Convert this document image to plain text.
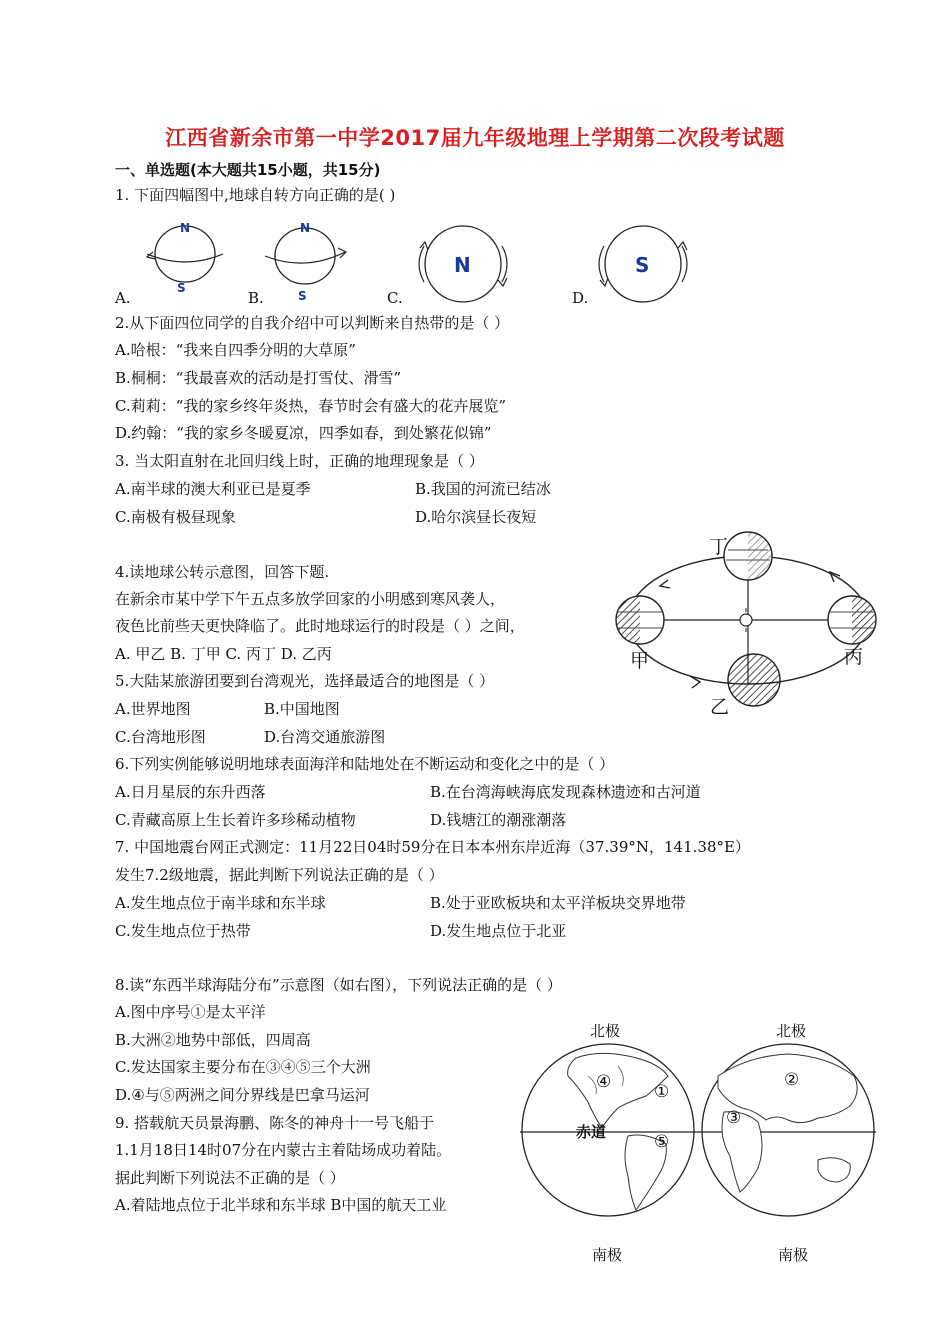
江西省新余市第一中学2017届九年级地理上学期第二次段考试题
一、单选题(本大题共15小题，共15分)
1. 下面四幅图中,地球自转方向正确的是( )
N
S
N
S
N	S
A.	B.	C.	D.
2.从下面四位同学的自我介绍中可以判断来自热带的是（ ）
A.哈根：“我来自四季分明的大草原”
B.桐桐：“我最喜欢的活动是打雪仗、滑雪”
C.莉莉：“我的家乡终年炎热，春节时会有盛大的花卉展览”
D.约翰：“我的家乡冬暖夏凉，四季如春，到处繁花似锦”
3. 当太阳直射在北回归线上时，正确的地理现象是（ ）
A.南半球的澳大利亚已是夏季	B.我国的河流已结冰
C.南极有极昼现象	D.哈尔滨昼长夜短
4.读地球公转示意图，回答下题.
在新余市某中学下午五点多放学回家的小明感到寒风袭人，
夜色比前些天更快降临了。此时地球运行的时段是（ ）之间，
A. 甲乙 B. 丁甲 C. 丙丁 D. 乙丙
丁
甲	丙
乙
5.大陆某旅游团要到台湾观光，选择最适合的地图是（ ）
A.世界地图	B.中国地图
C.台湾地形图	D.台湾交通旅游图
6.下列实例能够说明地球表面海洋和陆地处在不断运动和变化之中的是（ ）
A.日月星辰的东升西落	B.在台湾海峡海底发现森林遗迹和古河道
C.青藏高原上生长着许多珍稀动植物	D.钱塘江的潮涨潮落
7. 中国地震台网正式测定：11月22日04时59分在日本本州东岸近海（37.39°N，141.38°E）
发生7.2级地震，据此判断下列说法正确的是（ ）
A.发生地点位于南半球和东半球	B.处于亚欧板块和太平洋板块交界地带
C.发生地点位于热带	D.发生地点位于北亚
8.读“东西半球海陆分布”示意图（如右图），下列说法正确的是（ ）
A.图中序号①是太平洋
B.大洲②地势中部低，四周高
C.发达国家主要分布在③④⑤三个大洲
D.④与⑤两洲之间分界线是巴拿马运河
北极	北极
南极	南极
赤道
④	①
②
③
⑤
9. 搭载航天员景海鹏、陈冬的神舟十一号飞船于
1.1月18日14时07分在内蒙古主着陆场成功着陆。
据此判断下列说法不正确的是（ ）
A.着陆地点位于北半球和东半球 B中国的航天工业
